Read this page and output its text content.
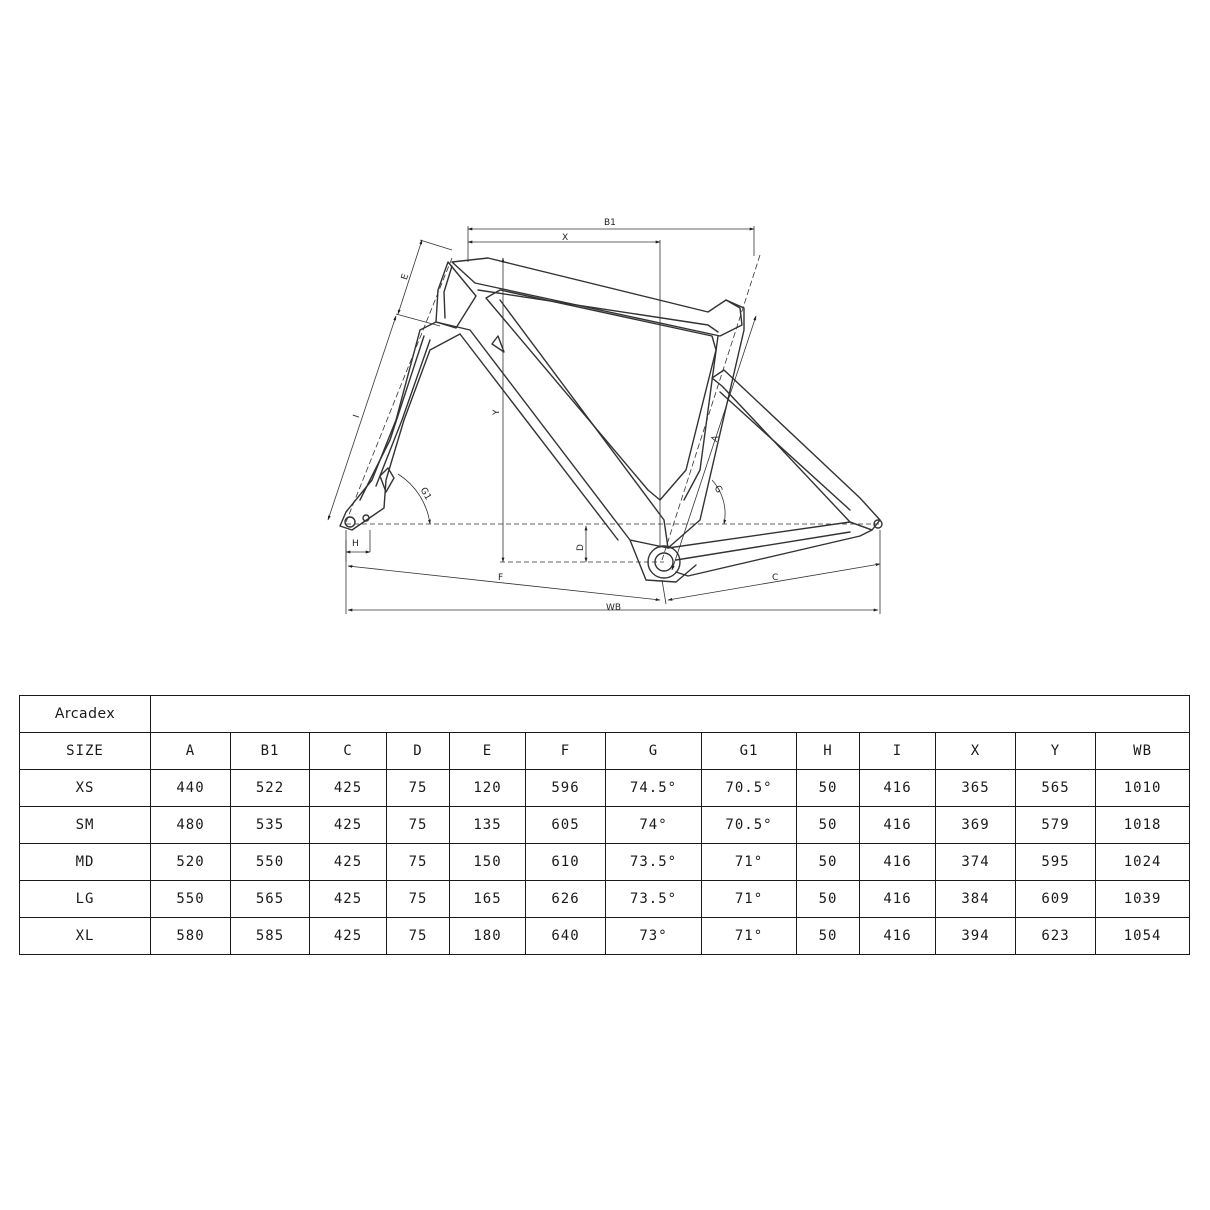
B1
X
E
I
Y
A
G1	G
H	D
F	C
WB
Arcadex													
SIZE	A	B1	C	D	E	F	G	G1	H	I	X	Y	WB
XS	440	522	425	75	120	596	74.5°	70.5°	50	416	365	565	1010
SM	480	535	425	75	135	605	74°	70.5°	50	416	369	579	1018
MD	520	550	425	75	150	610	73.5°	71°	50	416	374	595	1024
LG	550	565	425	75	165	626	73.5°	71°	50	416	384	609	1039
XL	580	585	425	75	180	640	73°	71°	50	416	394	623	1054
